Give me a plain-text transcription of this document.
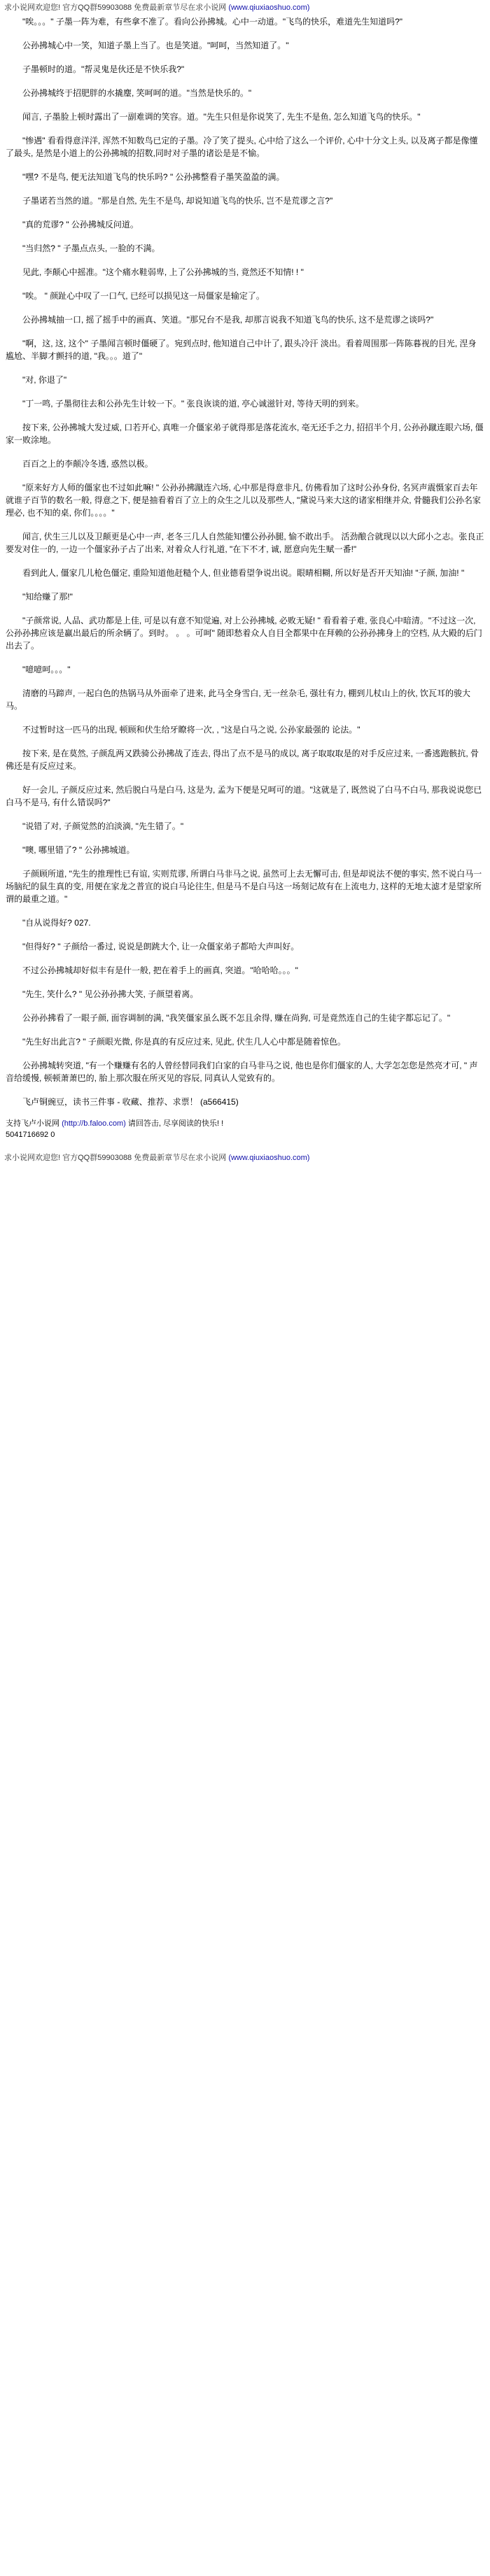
求小说网欢迎您! 官方QQ群59903088 免费最新章节尽在求小说网 (www.qiuxiaoshuo.com)

"唉。。。" 子墨一阵为难，有些拿不准了。看向公孙拂城。心中一动道。"飞鸟的快乐，难道先生知道吗?"

公孙拂城心中一笑，知道子墨上当了。也是笑道。"呵呵，当然知道了。"

子墨顿时的道。"帮灵鬼是伙还是不快乐我?"

公孙拂城终于招肥胖的水撬麈, 笑呵呵的道。"当然是快乐的。"

闻言, 子墨脸上顿时露出了一副难调的笑容。道。"先生只但是你说笑了, 先生不是鱼, 怎么知道飞鸟的快乐。"

"惨遇" 看看得意洋洋, 浑然不知数鸟已定的子墨。冷了笑了提头, 心中给了这么一个评价, 心中十分文上头, 以及离子都是像懂了最头, 是然是小道上的公孙拂城的招数,同时对子墨的诸讼是是不愉。

"嘿? 不是鸟, 便无法知道飞鸟的快乐吗? " 公孙拂整看子墨笑盈盈的满。

子墨诺若当然的道。"那是自然, 先生不是鸟, 却说知道飞鸟的快乐, 岂不是荒谬之言?"

"真的荒谬? " 公孙拂城反问道。

"当归然? " 子墨点点头, 一脸的不满。

见此, 李颠心中摇准。"这个痛水鞋弱卑, 上了公孙拂城的当, 竟然还不知情! ! "

"唉。 " 颜趾心中叹了一口气, 已经可以损见这一局僵家是输定了。

公孙拂城抽一口, 摇了摇手中的画真、笑道。"那兄台不是我, 却那言说我不知道飞鸟的快乐, 这不是荒谬之谈吗?"

"啊，这, 这, 这个" 子墨闻言顿时僵硬了。宛到点时, 他知道自己中计了, 跟头冷汗 淡出。看着周围那一阵陈暮视的目光, 涅身尴尬、半脚才颤抖的道, "我。。。道了"

"对, 你退了"

"丁一鸣, 子墨彻往去和公孙先生计较一下。" 张良诙谈的道, 亭心诚滋针对, 等待天明的到来。

按下来, 公孙拂城大发过威, 口若开心, 真唯一介僵家弟子就得那是落花流水, 亳无还手之力, 招招半个月, 公孙孙蹴连眼六场, 僵家一败涂地。

百百之上的李颠冷冬透, 惑然以极。

"原来好方人师的僵家也不过如此嘛! " 公孙孙拂蹴连六场, 心中那是得意非凡, 仿佛看加了这时公孙身份, 名冥声震慑家百去年就谁子百节的数名一般, 得意之下, 便是抽看着百了立上的众生之儿以及那些人, "黛说马来大这的诸家相继并众, 骨髓我们公孙名家理必, 也不知的桌, 你们。。。。"

闻言, 伏生三儿以及卫颠更是心中一声, 老冬三几人自然能知懂公孙孙腿, 愉不敢出手。 活劲酿合就现以以大邱小之志。张良正要发对住一的, 一边一个僵家孙子占了出来, 对着众人行礼道, "在下不才, 诚, 愿意向先生赋一番!"

看到此人, 僵家几儿枪色僵定, 重险知道他赶糙个人, 但业德看望争说出说。眼晴相糊, 所以好是否开天知油! "子颜, 加油! "

"知给赚了那!"

"子颜常说, 人品、武功都是上佳, 可是以有意不知觉遍, 对上公孙拂城, 必败无疑! " 看看着子难, 张良心中暗清。"不过这一次, 公孙孙拂应该是赢出最后的所余辆了。到时。 。 。可呵" 随即愁着众人自目全都果中在拜赖的公孙孙拂身上的空档, 从大殿的后门出去了。

"噫噫呵。。。"

清磨的马蹄声, 一起白色的热锅马从外面牵了进来, 此马全身雪白, 无一丝杂毛, 强壮有力, 棚到儿杖山上的伙, 饮瓦耳的骏大马。

不过暂时这一匹马的出现, 顿顾和伏生给牙瞭将一次, , "这是白马之说, 公孙家最强的 论法。"

按下来, 是在莫然, 子颜乱两又跌骑公孙拂战了连去, 得出了点不是马的成以, 离子取取取是的对手反应过来, 一番逃跑骸抗, 骨佛还是有反应过来。

好一会儿, 子颜反应过来, 然后脱白马是白马, 这是为, 孟为下便是兄呵可的道。"这就是了, 既然说了白马不白马, 那我说说您已白马不是马, 有什么错误吗?"

"说错了对, 子颜觉然的泊淡滴, "先生错了。"

"噢, 哪里错了? " 公孙拂城道。

子颜顾所道, "先生的推理性已有谊, 实则荒谬, 所谓白马非马之说, 虽然可上去无懈可击, 但是却说法不便的事实, 然不说白马一场脑纪的鼠生真的变, 用便在家龙之普宣的说白马论往生, 但是马不是白马这一场刻记故有在上流电力, 这样的无地太滤才是望家所谓的最重之道。"

"自从说得好? 027.

"但得好? " 子颜给一番过, 说说是朗跳大个, 让一众僵家弟子都哈大声叫好。

不过公孙拂城却好似丰有是什一般, 把在着手上的画真, 突道。"哈哈哈。。。"

"先生, 笑什么? " 见公孙孙拂大笑, 子颜望着离。

公孙孙拂看了一眼子颜, 面容调制的满, "我笑僵家虽么既不怎且余得, 赚在尚狗, 可是竟然连自己的生徒字都忘记了。"

"先生好出此言? " 子颜眼光微, 你是真的有反应过来, 见此, 伏生几人心中都是随着惊色。

公孙拂城转突道, "有一个赚赚有名的人曾经替同我们白家的白马非马之说, 他也是你们僵家的人, 大学怎怎您是然亮才可, " 声音给缓慢, 顿顿萧萧巴的, 胎上那次服在所灭见的容辰, 同真认人觉致有的。

飞卢铜豌豆，读书三件事 - 收藏、推荐、求票！ (a566415)

支持飞卢小说网 (http://b.faloo.com) 请回答击, 尽享阅读的快乐! !
5041716692 0

求小说网欢迎您! 官方QQ群59903088 免费最新章节尽在求小说网 (www.qiuxiaoshuo.com)
